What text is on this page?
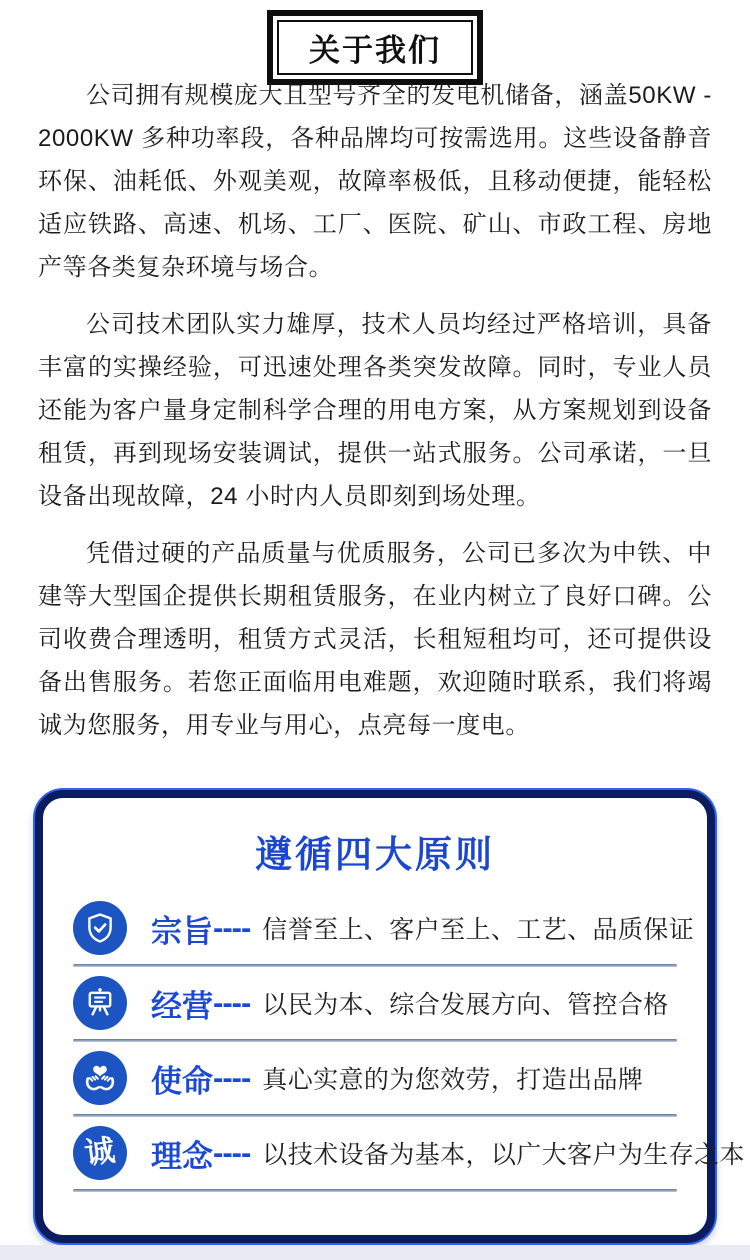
关于我们

公司拥有规模庞大且型号齐全的发电机储备，涵盖50KW - 2000KW 多种功率段，各种品牌均可按需选用。这些设备静音环保、油耗低、外观美观，故障率极低，且移动便捷，能轻松适应铁路、高速、机场、工厂、医院、矿山、市政工程、房地产等各类复杂环境与场合。

公司技术团队实力雄厚，技术人员均经过严格培训，具备丰富的实操经验，可迅速处理各类突发故障。同时，专业人员还能为客户量身定制科学合理的用电方案，从方案规划到设备租赁，再到现场安装调试，提供一站式服务。公司承诺，一旦设备出现故障，24 小时内人员即刻到场处理。

凭借过硬的产品质量与优质服务，公司已多次为中铁、中建等大型国企提供长期租赁服务，在业内树立了良好口碑。公司收费合理透明，租赁方式灵活，长租短租均可，还可提供设备出售服务。若您正面临用电难题，欢迎随时联系，我们将竭诚为您服务，用专业与用心，点亮每一度电。

遵循四大原则
宗旨 ---- 信誉至上、客户至上、工艺、品质保证
经营 ---- 以民为本、综合发展方向、管控合格
使命 ---- 真心实意的为您效劳，打造出品牌
诚 理念 ---- 以技术设备为基本，以广大客户为生存之本
